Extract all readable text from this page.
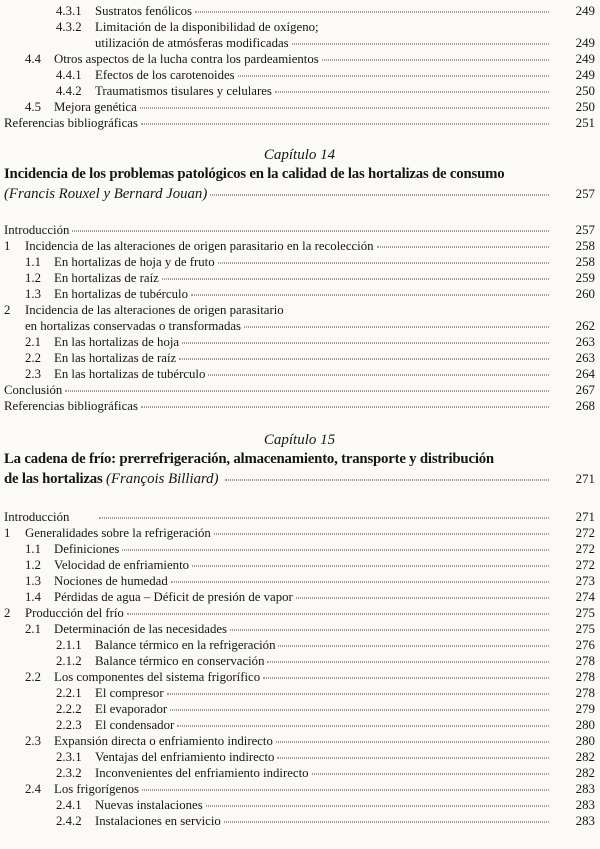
4.3.1	Sustratos fenólicos	249
4.3.2	Limitación de la disponibilidad de oxígeno;
utilización de atmósferas modificadas	249
4.4	Otros aspectos de la lucha contra los pardeamientos	249
4.4.1	Efectos de los carotenoides	249
4.4.2	Traumatismos tisulares y celulares	250
4.5	Mejora genética	250
Referencias bibliográficas	251
Capítulo 14
Incidencia de los problemas patológicos en la calidad de las hortalizas de consumo
(Francis Rouxel y Bernard Jouan)	257
Introducción	257
1	Incidencia de las alteraciones de origen parasitario en la recolección	258
1.1	En hortalizas de hoja y de fruto	258
1.2	En hortalizas de raíz	259
1.3	En hortalizas de tubérculo	260
2	Incidencia de las alteraciones de origen parasitario
en hortalizas conservadas o transformadas	262
2.1	En las hortalizas de hoja	263
2.2	En las hortalizas de raíz	263
2.3	En las hortalizas de tubérculo	264
Conclusión	267
Referencias bibliográficas	268
Capítulo 15
La cadena de frío: prerrefrigeración, almacenamiento, transporte y distribución
de las hortalizas (François Billiard)	271
Introducción	271
1	Generalidades sobre la refrigeración	272
1.1	Definiciones	272
1.2	Velocidad de enfriamiento	272
1.3	Nociones de humedad	273
1.4	Pérdidas de agua – Déficit de presión de vapor	274
2	Producción del frío	275
2.1	Determinación de las necesidades	275
2.1.1	Balance térmico en la refrigeración	276
2.1.2	Balance térmico en conservación	278
2.2	Los componentes del sistema frigorífico	278
2.2.1	El compresor	278
2.2.2	El evaporador	279
2.2.3	El condensador	280
2.3	Expansión directa o enfriamiento indirecto	280
2.3.1	Ventajas del enfriamiento indirecto	282
2.3.2	Inconvenientes del enfriamiento indirecto	282
2.4	Los frigorígenos	283
2.4.1	Nuevas instalaciones	283
2.4.2	Instalaciones en servicio	283
